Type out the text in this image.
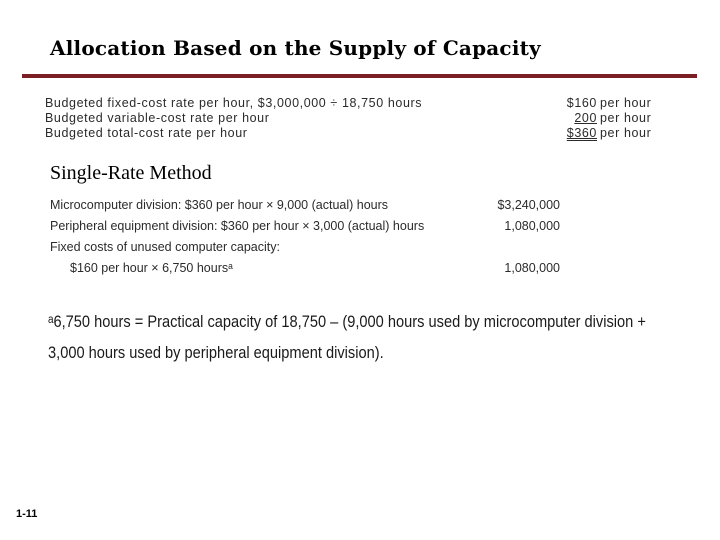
Allocation Based on the Supply of Capacity
Budgeted fixed-cost rate per hour, $3,000,000 ÷ 18,750 hours	$160 per hour
Budgeted variable-cost rate per hour	200 per hour
Budgeted total-cost rate per hour	$360 per hour
Single-Rate Method
Microcomputer division: $360 per hour × 9,000 (actual) hours	$3,240,000
Peripheral equipment division: $360 per hour × 3,000 (actual) hours	1,080,000
Fixed costs of unused computer capacity:
$160 per hour × 6,750 hoursᵃ	1,080,000
ᵃ6,750 hours = Practical capacity of 18,750 – (9,000 hours used by microcomputer division +
3,000 hours used by peripheral equipment division).
1-11
